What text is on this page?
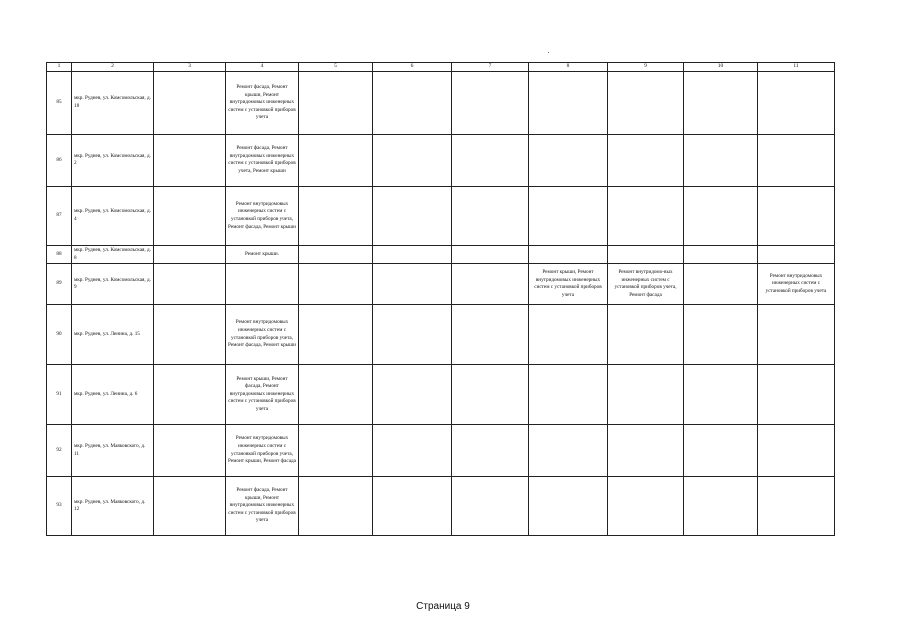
1	2	3	4	5	6	7	8	9	10	11
85	мкр. Руднев, ул. Комсомольская, д. 18		Ремонт фасада, Ремонт крыши, Ремонт внутридомовых инженерных систем с установкой приборов учета							
86	мкр. Руднев, ул. Комсомольская, д. 2		Ремонт фасада, Ремонт внутридомовых инженерных систем с установкой приборов учета, Ремонт крыши							
87	мкр. Руднев, ул. Комсомольская, д. 4		Ремонт внутридомовых инженерных систем с установкой приборов учета, Ремонт фасада, Ремонт крыши							
88	мкр. Руднев, ул. Комсомольская, д. 8		Ремонт крыши.							
89	мкр. Руднев, ул. Комсомольская, д. 9						Ремонт крыши, Ремонт внутридомовых инженерных систем с установкой приборов учета	Ремонт внутридомо-вых инженерных систем с установкой приборов учета, Ремонт фасада		Ремонт внутридомовых инженерных систем с установкой приборов учета
90	мкр. Руднев, ул. Ленина, д. 15		Ремонт внутридомовых инженерных систем с установкой приборов учета, Ремонт фасада, Ремонт крыши							
91	мкр. Руднев, ул. Ленина, д. 6		Ремонт крыши, Ремонт фасада, Ремонт внутридомовых инженерных систем с установкой приборов учета							
92	мкр. Руднев, ул. Маяковского, д. 11		Ремонт внутридомовых инженерных систем с установкой приборов учета, Ремонт крыши, Ремонт фасада							
93	мкр. Руднев, ул. Маяковского, д. 12		Ремонт фасада, Ремонт крыши, Ремонт внутридомовых инженерных систем с установкой приборов учета							
Страница 9
